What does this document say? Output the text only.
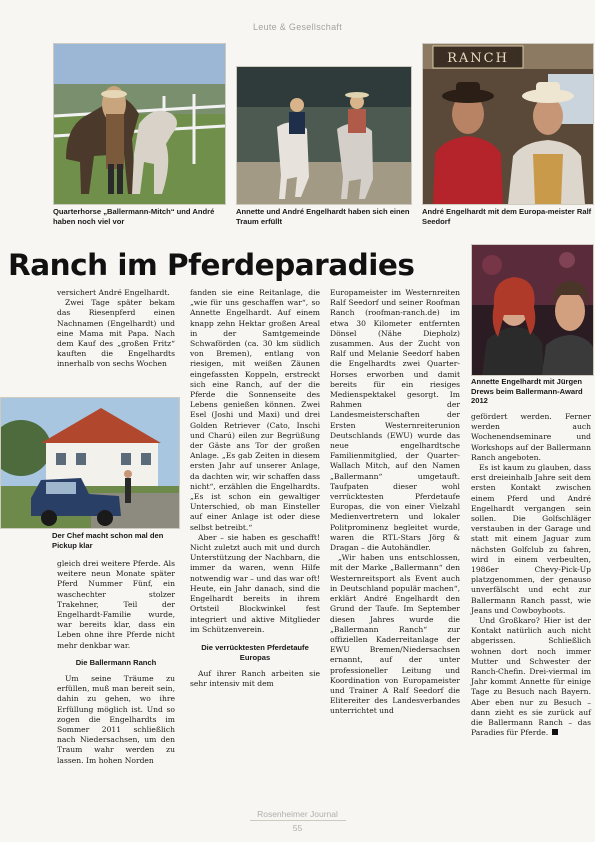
Leute & Gesellschaft
Quarterhorse „Ballermann-Mitch“ und André haben noch viel vor
Annette und André Engelhardt haben sich einen Traum erfüllt
RANCH
André Engelhardt mit dem Europa-meister Ralf Seedorf
Ranch im Pferdeparadies
Annette Engelhardt mit Jürgen Drews beim Ballermann-Award 2012
Der Chef macht schon mal den Pickup klar

versichert André Engelhardt.

Zwei Tage später bekam das Riesenpferd einen Nachnamen (Engelhardt) und eine Mama mit Papa. Nach dem Kauf des „großen Fritz“ kauften die Engelhardts innerhalb von sechs Wochen

gleich drei weitere Pferde. Als weitere neun Monate später Pferd Nummer Fünf, ein waschechter stolzer Trakehner, Teil der Engelhardt-Familie wurde, war bereits klar, dass ein Leben ohne ihre Pferde nicht mehr denkbar war.

Die Ballermann Ranch

Um seine Träume zu erfüllen, muß man bereit sein, dahin zu gehen, wo ihre Erfüllung möglich ist. Und so zogen die Engelhardts im Sommer 2011 schließlich nach Niedersachsen, um den Traum wahr werden zu lassen. Im hohen Norden

fanden sie eine Reitanlage, die „wie für uns geschaffen war“, so Annette Engelhardt. Auf einem knapp zehn Hektar großen Areal in der Samtgemeinde Schwaförden (ca. 30 km südlich von Bremen), entlang von riesigen, mit weißen Zäunen eingefassten Koppeln, erstreckt sich eine Ranch, auf der die Pferde die Sonnenseite des Lebens genießen können. Zwei Esel (Joshi und Maxi) und drei Golden Retriever (Cato, Inschi und Charú) eilen zur Begrüßung der Gäste ans Tor der großen Anlage. „Es gab Zeiten in diesem ersten Jahr auf unserer Anlage, da dachten wir, wir schaffen dass nicht“, erzählen die Engelhardts. „Es ist schon ein gewaltiger Unterschied, ob man Einsteller auf einer Anlage ist oder diese selbst betreibt.“

Aber – sie haben es geschafft! Nicht zuletzt auch mit und durch Unterstützung der Nachbarn, die immer da waren, wenn Hilfe notwendig war – und das war oft! Heute, ein Jahr danach, sind die Engelhardt bereits in ihrem Ortsteil Blockwinkel fest integriert und aktive Mitglieder im Schützenverein.

Die verrücktesten Pferdetaufe Europas

Auf ihrer Ranch arbeiten sie sehr intensiv mit dem

Europameister im Westernreiten Ralf Seedorf und seiner Roofman Ranch (roofman-ranch.de) im etwa 30 Kilometer entfernten Dönsel (Nähe Diepholz) zusammen. Aus der Zucht von Ralf und Melanie Seedorf haben die Engelhardts zwei Quarter-Horses erworben und damit bereits für ein riesiges Medienspektakel gesorgt. Im Rahmen der Landesmeisterschaften der Ersten Westernreiterunion Deutschlands (EWU) wurde das neue engelhardtsche Familienmitglied, der Quarter-Wallach Mitch, auf den Namen „Ballermann“ umgetauft. Taufpaten dieser wohl verrücktesten Pferdetaufe Europas, die von einer Vielzahl Medienvertretern und lokaler Politprominenz begleitet wurde, waren die RTL-Stars Jörg & Dragan – die Autohändler.

„Wir haben uns entschlossen, mit der Marke „Ballermann“ den Westernreitsport als Event auch in Deutschland populär machen“, erklärt André Engelhardt den Grund der Taufe. Im September diesen Jahres wurde die „Ballermann Ranch“ zur offiziellen Kaderreitanlage der EWU Bremen/Niedersachsen ernannt, auf der unter professioneller Leitung und Koordination von Europameister und Trainer A Ralf Seedorf die Elitereiter des Landesverbandes unterrichtet und

gefördert werden. Ferner werden auch Wochenendseminare und Workshops auf der Ballermann Ranch angeboten.

Es ist kaum zu glauben, dass erst dreieinhalb Jahre seit dem ersten Kontakt zwischen einem Pferd und André Engelhardt vergangen sein sollen. Die Golfschläger verstauben in der Garage und statt mit einem Jaguar zum nächsten Golfclub zu fahren, wird in einem verbeulten, 1986er Chevy-Pick-Up platzgenommen, der genauso unverfälscht und echt zur Ballermann Ranch passt, wie Jeans und Cowboyboots.

Und Großkaro? Hier ist der Kontakt natürlich auch nicht abgerissen. Schließlich wohnen dort noch immer Mutter und Schwester der Ranch-Chefin. Drei-viermal im Jahr kommt Annette für einige Tage zu Besuch nach Bayern. Aber eben nur zu Besuch – dann zieht es sie zurück auf die Ballermann Ranch – das Paradies für Pferde.

Rosenheimer Journal
55
